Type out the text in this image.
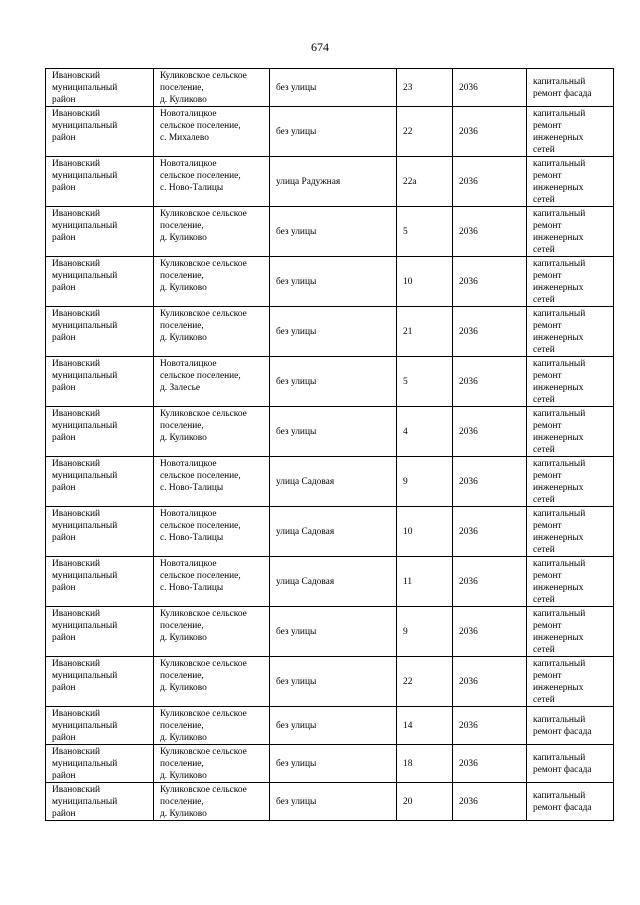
674
Ивановский
муниципальный
район	Куликовское сельское
поселение,
д. Куликово	без улицы	23	2036	капитальный
ремонт фасада

Ивановский
муниципальный
район	Новоталицкое
сельское поселение,
с. Михалево	без улицы	22	2036	капитальный
ремонт
инженерных
сетей

Ивановский
муниципальный
район	Новоталицкое
сельское поселение,
с. Ново-Талицы	улица Радужная	22а	2036	капитальный
ремонт
инженерных
сетей

Ивановский
муниципальный
район	Куликовское сельское
поселение,
д. Куликово	без улицы	5	2036	капитальный
ремонт
инженерных
сетей

Ивановский
муниципальный
район	Куликовское сельское
поселение,
д. Куликово	без улицы	10	2036	капитальный
ремонт
инженерных
сетей

Ивановский
муниципальный
район	Куликовское сельское
поселение,
д. Куликово	без улицы	21	2036	капитальный
ремонт
инженерных
сетей

Ивановский
муниципальный
район	Новоталицкое
сельское поселение,
д. Залесье	без улицы	5	2036	капитальный
ремонт
инженерных
сетей

Ивановский
муниципальный
район	Куликовское сельское
поселение,
д. Куликово	без улицы	4	2036	капитальный
ремонт
инженерных
сетей

Ивановский
муниципальный
район	Новоталицкое
сельское поселение,
с. Ново-Талицы	улица Садовая	9	2036	капитальный
ремонт
инженерных
сетей

Ивановский
муниципальный
район	Новоталицкое
сельское поселение,
с. Ново-Талицы	улица Садовая	10	2036	капитальный
ремонт
инженерных
сетей

Ивановский
муниципальный
район	Новоталицкое
сельское поселение,
с. Ново-Талицы	улица Садовая	11	2036	капитальный
ремонт
инженерных
сетей

Ивановский
муниципальный
район	Куликовское сельское
поселение,
д. Куликово	без улицы	9	2036	капитальный
ремонт
инженерных
сетей

Ивановский
муниципальный
район	Куликовское сельское
поселение,
д. Куликово	без улицы	22	2036	капитальный
ремонт
инженерных
сетей

Ивановский
муниципальный
район	Куликовское сельское
поселение,
д. Куликово	без улицы	14	2036	капитальный
ремонт фасада

Ивановский
муниципальный
район	Куликовское сельское
поселение,
д. Куликово	без улицы	18	2036	капитальный
ремонт фасада

Ивановский
муниципальный
район	Куликовское сельское
поселение,
д. Куликово	без улицы	20	2036	капитальный
ремонт фасада
